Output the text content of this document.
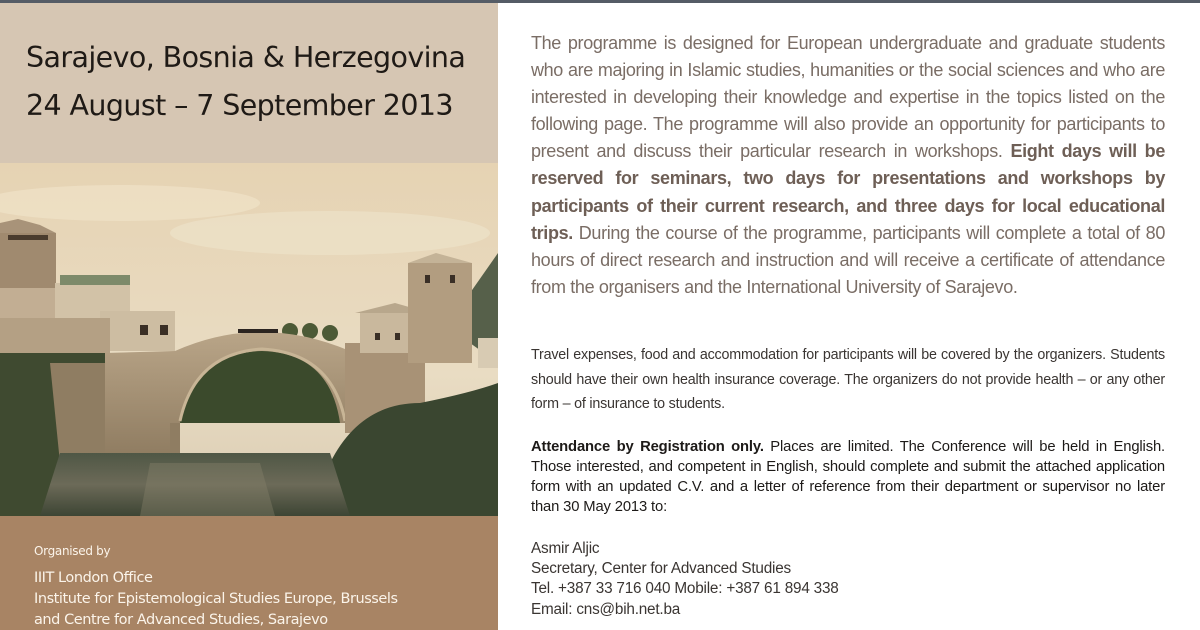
Sarajevo, Bosnia & Herzegovina
24 August – 7 September 2013
Organised by
IIIT London Office
Institute for Epistemological Studies Europe, Brussels
and Centre for Advanced Studies, Sarajevo
The programme is designed for European undergraduate and graduate students who are majoring in Islamic studies, humanities or the social sciences and who are interested in developing their knowledge and expertise in the topics listed on the following page. The programme will also provide an opportunity for participants to present and discuss their particular research in workshops. Eight days will be reserved for seminars, two days for presentations and workshops by participants of their current research, and three days for local educational trips. During the course of the programme, participants will complete a total of 80 hours of direct research and instruction and will receive a certificate of attendance from the organisers and the International University of Sarajevo.
Travel expenses, food and accommodation for participants will be covered by the organizers. Students should have their own health insurance coverage. The organizers do not provide health – or any other form – of insurance to students.
Attendance by Registration only. Places are limited. The Conference will be held in English. Those interested, and competent in English, should complete and submit the attached application form with an updated C.V. and a letter of reference from their department or supervisor no later than 30 May 2013 to:
Asmir Aljic
Secretary, Center for Advanced Studies
Tel. +387 33 716 040 Mobile: +387 61 894 338
Email: cns@bih.net.ba
